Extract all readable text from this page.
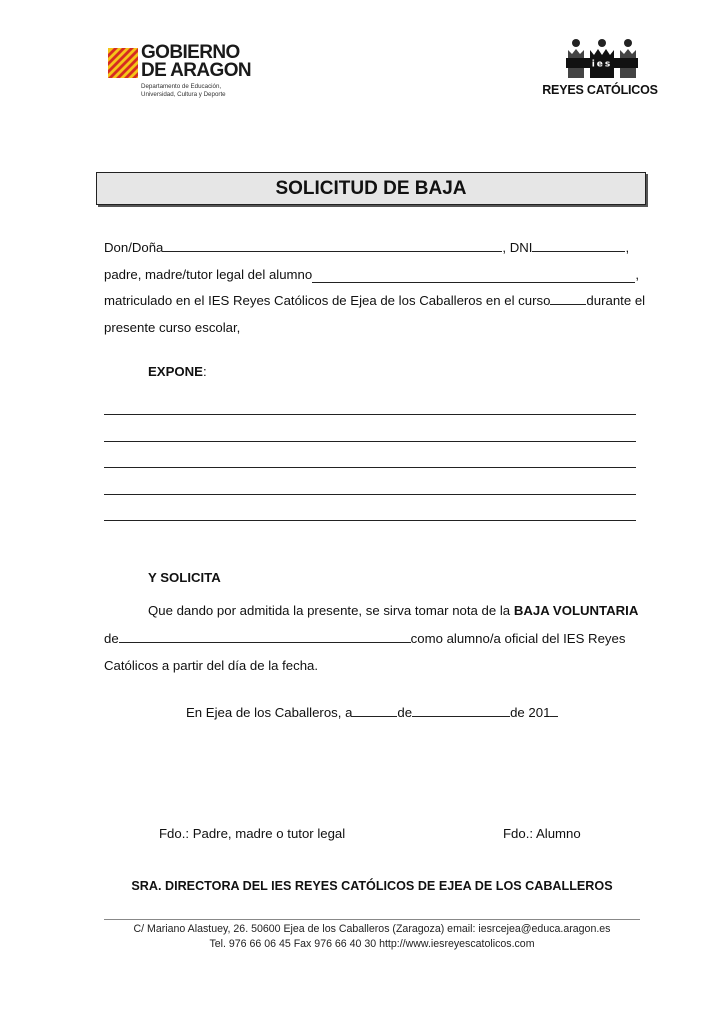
GOBIERNO
DE ARAGON
Departamento de Educación,
Universidad, Cultura y Deporte
ies
REYES CATÓLICOS
SOLICITUD DE BAJA
Don/Doña	, DNI	,
padre, madre/tutor legal del alumno	,
matriculado en el IES Reyes Católicos de Ejea de los Caballeros en el curso	durante el
presente curso escolar,
EXPONE:
Y SOLICITA
Que dando por admitida la presente, se sirva tomar nota de la BAJA VOLUNTARIA
de	como alumno/a oficial del IES Reyes
Católicos a partir del día de la fecha.
En Ejea de los Caballeros, a	de	de 201
Fdo.: Padre, madre o tutor legal	Fdo.: Alumno
SRA. DIRECTORA DEL IES REYES CATÓLICOS DE EJEA DE LOS CABALLEROS
C/ Mariano Alastuey, 26. 50600 Ejea de los Caballeros (Zaragoza) email: iesrcejea@educa.aragon.es
Tel. 976 66 06 45 Fax 976 66 40 30 http://www.iesreyescatolicos.com
